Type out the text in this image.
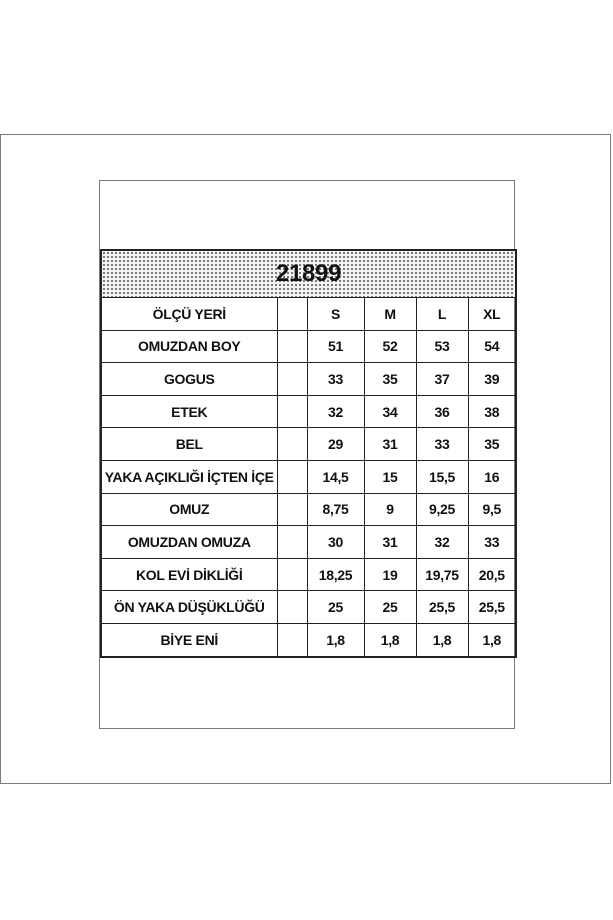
21899					
ÖLÇÜ YERİ		S	M	L	XL
OMUZDAN BOY		51	52	53	54
GOGUS		33	35	37	39
ETEK		32	34	36	38
BEL		29	31	33	35
YAKA AÇIKLIĞI İÇTEN İÇE		14,5	15	15,5	16
OMUZ		8,75	9	9,25	9,5
OMUZDAN OMUZA		30	31	32	33
KOL EVİ DİKLİĞİ		18,25	19	19,75	20,5
ÖN YAKA DÜŞÜKLÜĞÜ		25	25	25,5	25,5
BİYE ENİ		1,8	1,8	1,8	1,8
